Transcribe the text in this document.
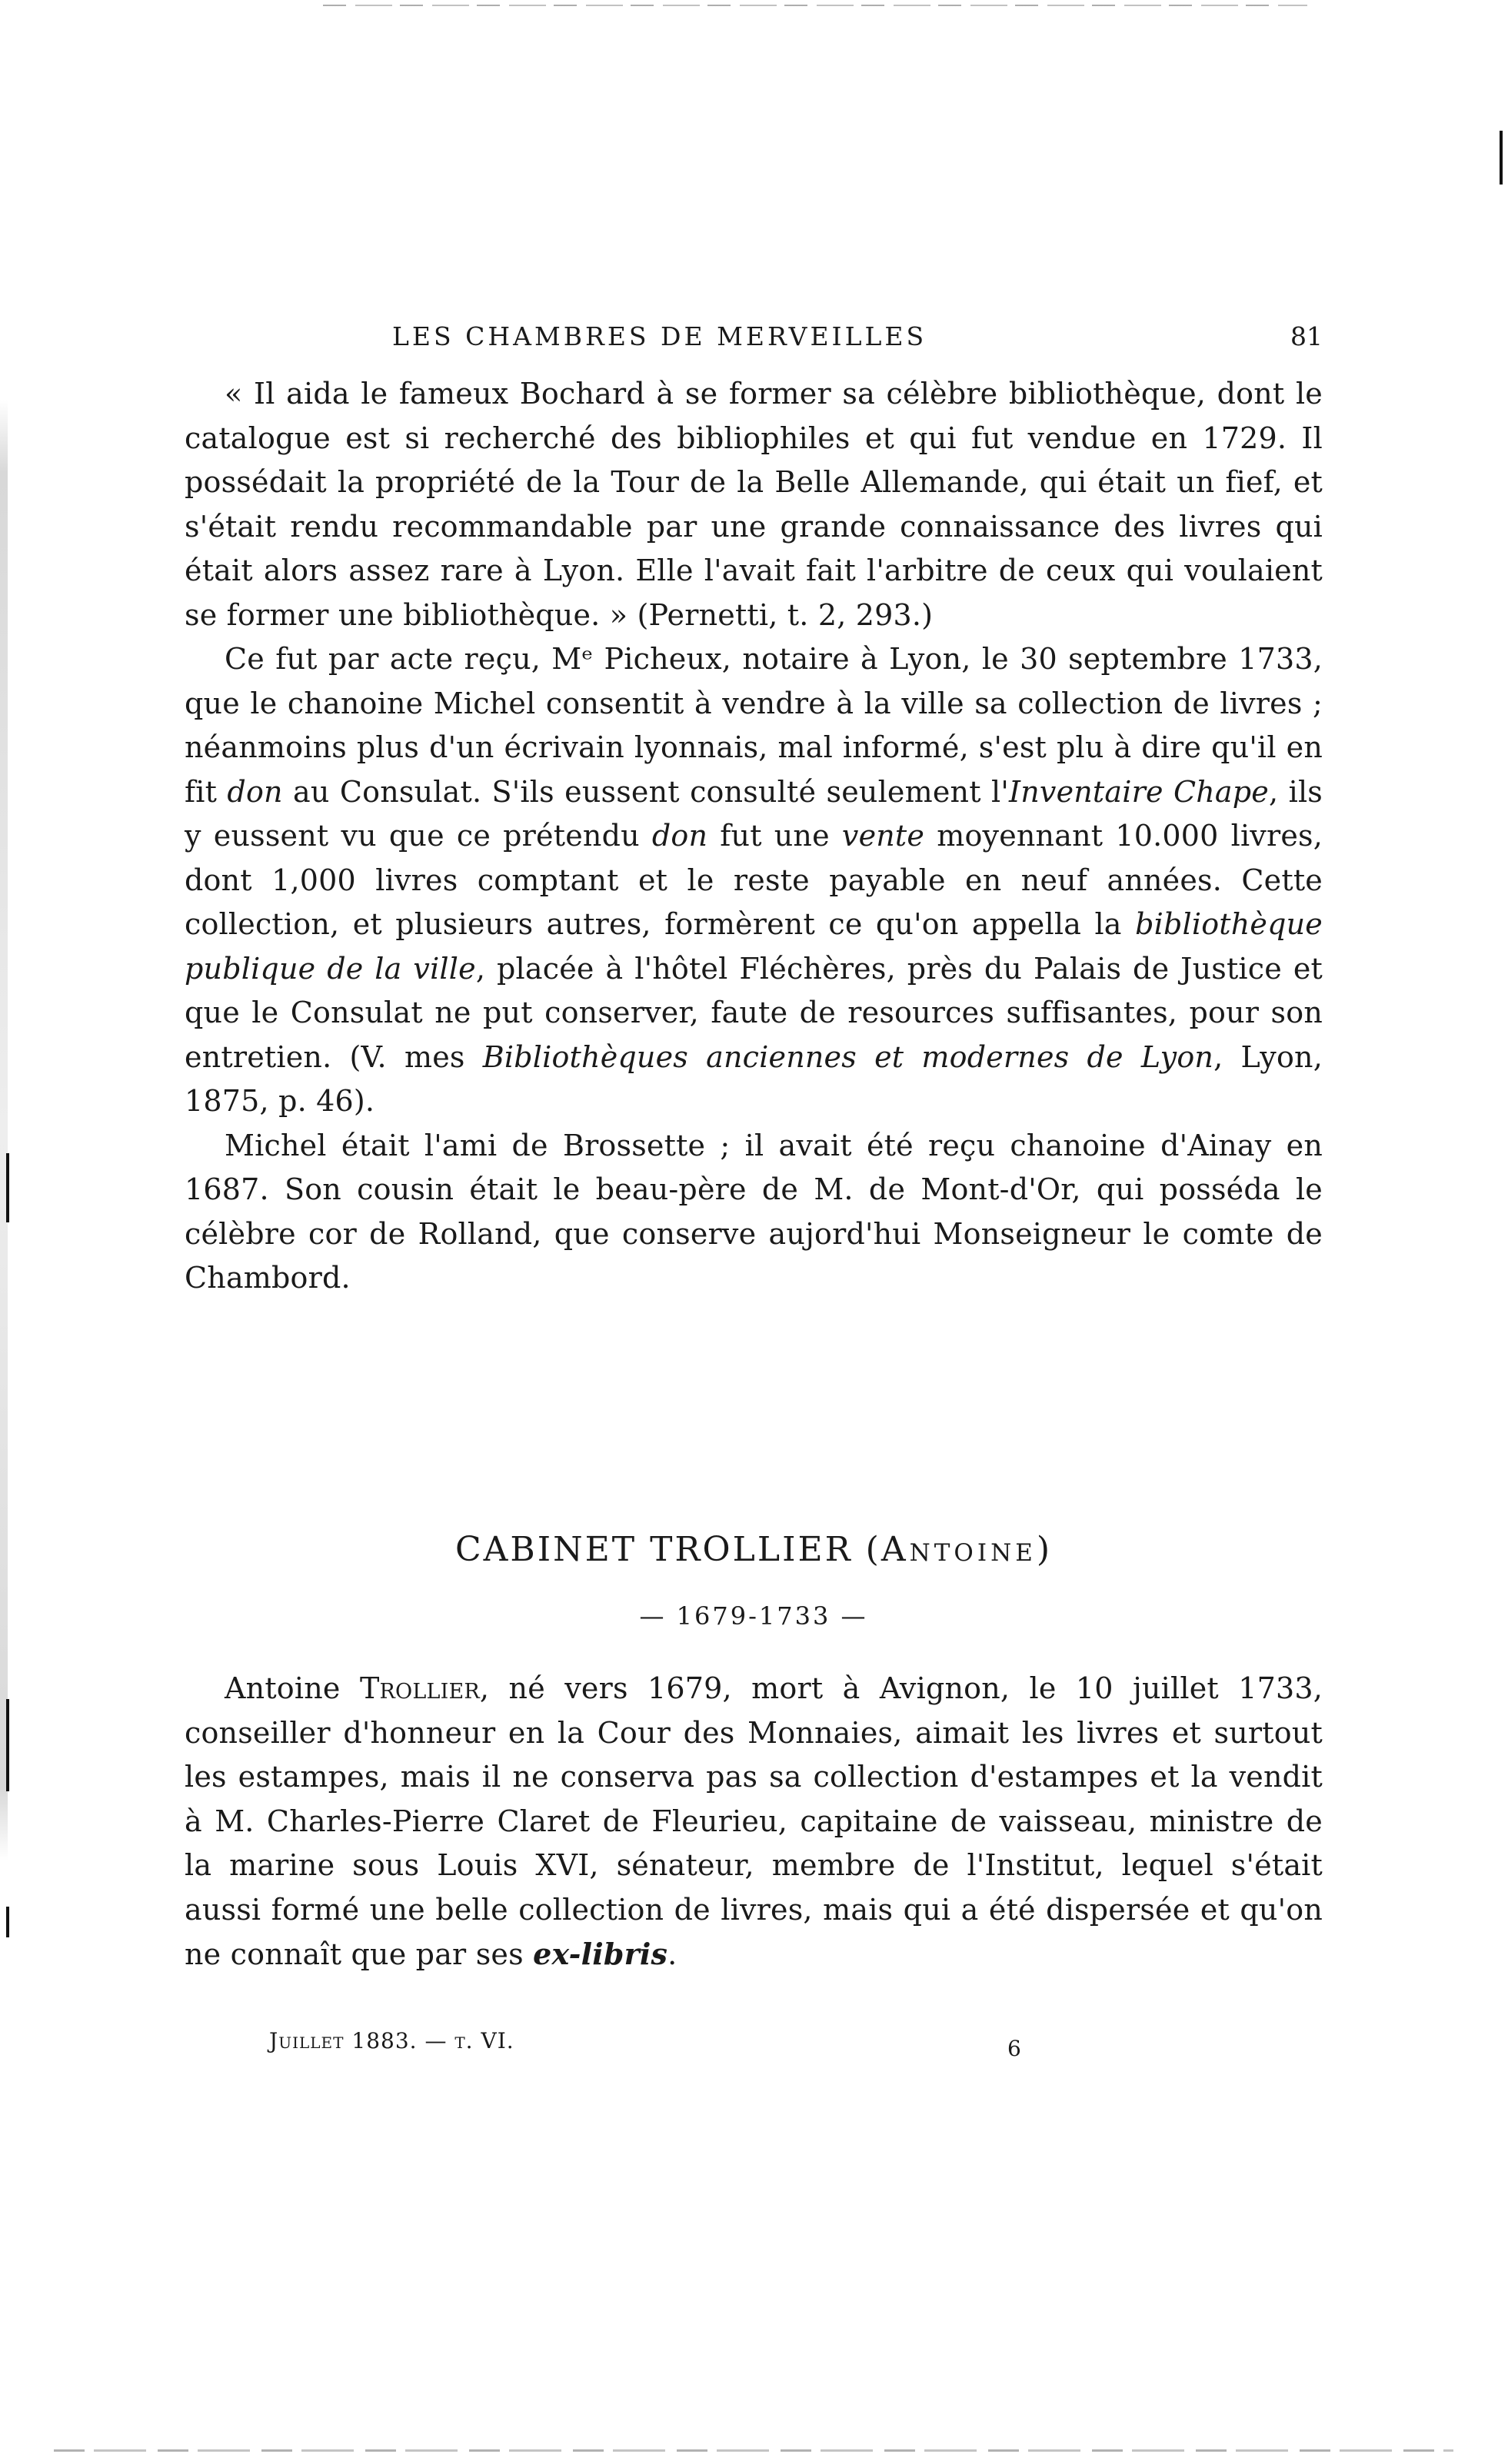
LES CHAMBRES DE MERVEILLES	81

« Il aida le fameux Bochard à se former sa célèbre bibliothèque, dont le catalogue est si recherché des bibliophiles et qui fut vendue en 1729. Il possédait la propriété de la Tour de la Belle Allemande, qui était un fief, et s'était rendu recommandable par une grande connaissance des livres qui était alors assez rare à Lyon. Elle l'avait fait l'arbitre de ceux qui voulaient se former une bibliothèque. » (Pernetti, t. 2, 293.)

Ce fut par acte reçu, Mᵉ Picheux, notaire à Lyon, le 30 septembre 1733, que le chanoine Michel consentit à vendre à la ville sa collection de livres ; néanmoins plus d'un écrivain lyonnais, mal informé, s'est plu à dire qu'il en fit don au Consulat. S'ils eussent consulté seulement l'Inventaire Chape, ils y eussent vu que ce prétendu don fut une vente moyennant 10.000 livres, dont 1,000 livres comptant et le reste payable en neuf années. Cette collection, et plusieurs autres, formèrent ce qu'on appella la bibliothèque publique de la ville, placée à l'hôtel Fléchères, près du Palais de Justice et que le Consulat ne put conserver, faute de resources suffisantes, pour son entretien. (V. mes Bibliothèques anciennes et modernes de Lyon, Lyon, 1875, p. 46).

Michel était l'ami de Brossette ; il avait été reçu chanoine d'Ainay en 1687. Son cousin était le beau-père de M. de Mont-d'Or, qui posséda le célèbre cor de Rolland, que conserve aujord'hui Monseigneur le comte de Chambord.

CABINET TROLLIER (Antoine)
— 1679-1733 —

Antoine Trollier, né vers 1679, mort à Avignon, le 10 juillet 1733, conseiller d'honneur en la Cour des Monnaies, aimait les livres et surtout les estampes, mais il ne conserva pas sa collection d'estampes et la vendit à M. Charles-Pierre Claret de Fleurieu, capitaine de vaisseau, ministre de la marine sous Louis XVI, sénateur, membre de l'Institut, lequel s'était aussi formé une belle collection de livres, mais qui a été dispersée et qu'on ne connaît que par ses ex-libris.

Juillet 1883. — t. VI.	6
